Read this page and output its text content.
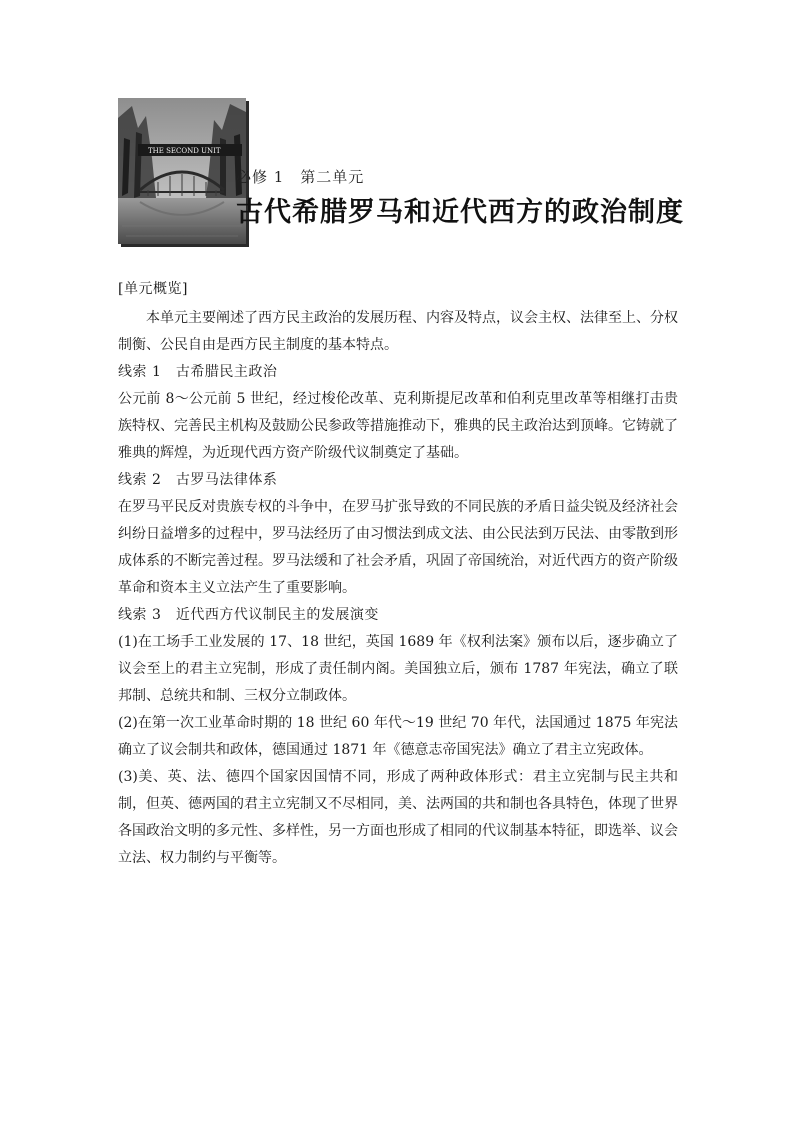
THE SECOND UNIT
必修 1　第二单元
古代希腊罗马和近代西方的政治制度

[单元概览]

本单元主要阐述了西方民主政治的发展历程、内容及特点，议会主权、法律至上、分权制衡、公民自由是西方民主制度的基本特点。

线索 1　古希腊民主政治

公元前 8～公元前 5 世纪，经过梭伦改革、克利斯提尼改革和伯利克里改革等相继打击贵族特权、完善民主机构及鼓励公民参政等措施推动下，雅典的民主政治达到顶峰。它铸就了雅典的辉煌，为近现代西方资产阶级代议制奠定了基础。

线索 2　古罗马法律体系

在罗马平民反对贵族专权的斗争中，在罗马扩张导致的不同民族的矛盾日益尖锐及经济社会纠纷日益增多的过程中，罗马法经历了由习惯法到成文法、由公民法到万民法、由零散到形成体系的不断完善过程。罗马法缓和了社会矛盾，巩固了帝国统治，对近代西方的资产阶级革命和资本主义立法产生了重要影响。

线索 3　近代西方代议制民主的发展演变

(1)在工场手工业发展的 17、18 世纪，英国 1689 年《权利法案》颁布以后，逐步确立了议会至上的君主立宪制，形成了责任制内阁。美国独立后，颁布 1787 年宪法，确立了联邦制、总统共和制、三权分立制政体。

(2)在第一次工业革命时期的 18 世纪 60 年代～19 世纪 70 年代，法国通过 1875 年宪法确立了议会制共和政体，德国通过 1871 年《德意志帝国宪法》确立了君主立宪政体。

(3)美、英、法、德四个国家因国情不同，形成了两种政体形式：君主立宪制与民主共和制，但英、德两国的君主立宪制又不尽相同，美、法两国的共和制也各具特色，体现了世界各国政治文明的多元性、多样性，另一方面也形成了相同的代议制基本特征，即选举、议会立法、权力制约与平衡等。
